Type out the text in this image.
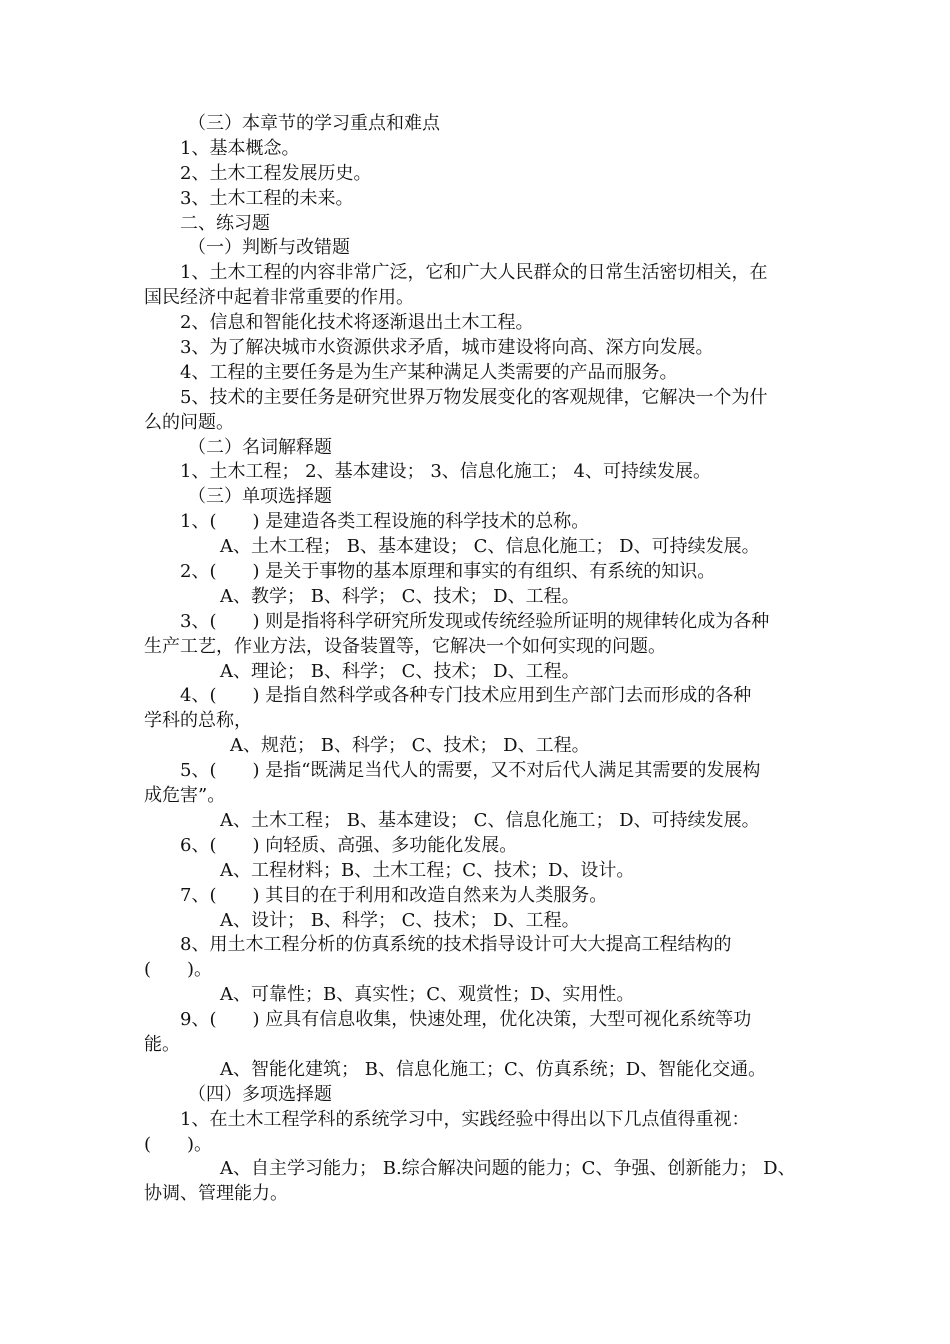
（三）本章节的学习重点和难点
1、基本概念。
2、土木工程发展历史。
3、土木工程的未来。
二、练习题
（一）判断与改错题
1、土木工程的内容非常广泛，它和广大人民群众的日常生活密切相关，在
国民经济中起着非常重要的作用。
2、信息和智能化技术将逐渐退出土木工程。
3、为了解决城市水资源供求矛盾，城市建设将向高、深方向发展。
4、工程的主要任务是为生产某种满足人类需要的产品而服务。
5、技术的主要任务是研究世界万物发展变化的客观规律，它解决一个为什
么的问题。
（二）名词解释题
1、土木工程； 2、基本建设； 3、信息化施工； 4、可持续发展。
（三）单项选择题
1、(　　) 是建造各类工程设施的科学技术的总称。
A、土木工程； B、基本建设； C、信息化施工； D、可持续发展。
2、(　　) 是关于事物的基本原理和事实的有组织、有系统的知识。
A、教学； B、科学； C、技术； D、工程。
3、(　　) 则是指将科学研究所发现或传统经验所证明的规律转化成为各种
生产工艺，作业方法，设备装置等，它解决一个如何实现的问题。
A、理论； B、科学； C、技术； D、工程。
4、(　　) 是指自然科学或各种专门技术应用到生产部门去而形成的各种
学科的总称，
A、规范； B、科学； C、技术； D、工程。
5、(　　) 是指“既满足当代人的需要，又不对后代人满足其需要的发展构
成危害”。
A、土木工程； B、基本建设； C、信息化施工； D、可持续发展。
6、(　　) 向轻质、高强、多功能化发展。
A、工程材料；B、土木工程；C、技术；D、设计。
7、(　　) 其目的在于利用和改造自然来为人类服务。
A、设计； B、科学； C、技术； D、工程。
8、用土木工程分析的仿真系统的技术指导设计可大大提高工程结构的
(　　)。
A、可靠性；B、真实性；C、观赏性；D、实用性。
9、(　　) 应具有信息收集，快速处理，优化决策，大型可视化系统等功
能。
A、智能化建筑； B、信息化施工；C、仿真系统；D、智能化交通。
（四）多项选择题
1、在土木工程学科的系统学习中，实践经验中得出以下几点值得重视：
(　　)。
A、自主学习能力； B.综合解决问题的能力；C、争强、创新能力； D、
协调、管理能力。
